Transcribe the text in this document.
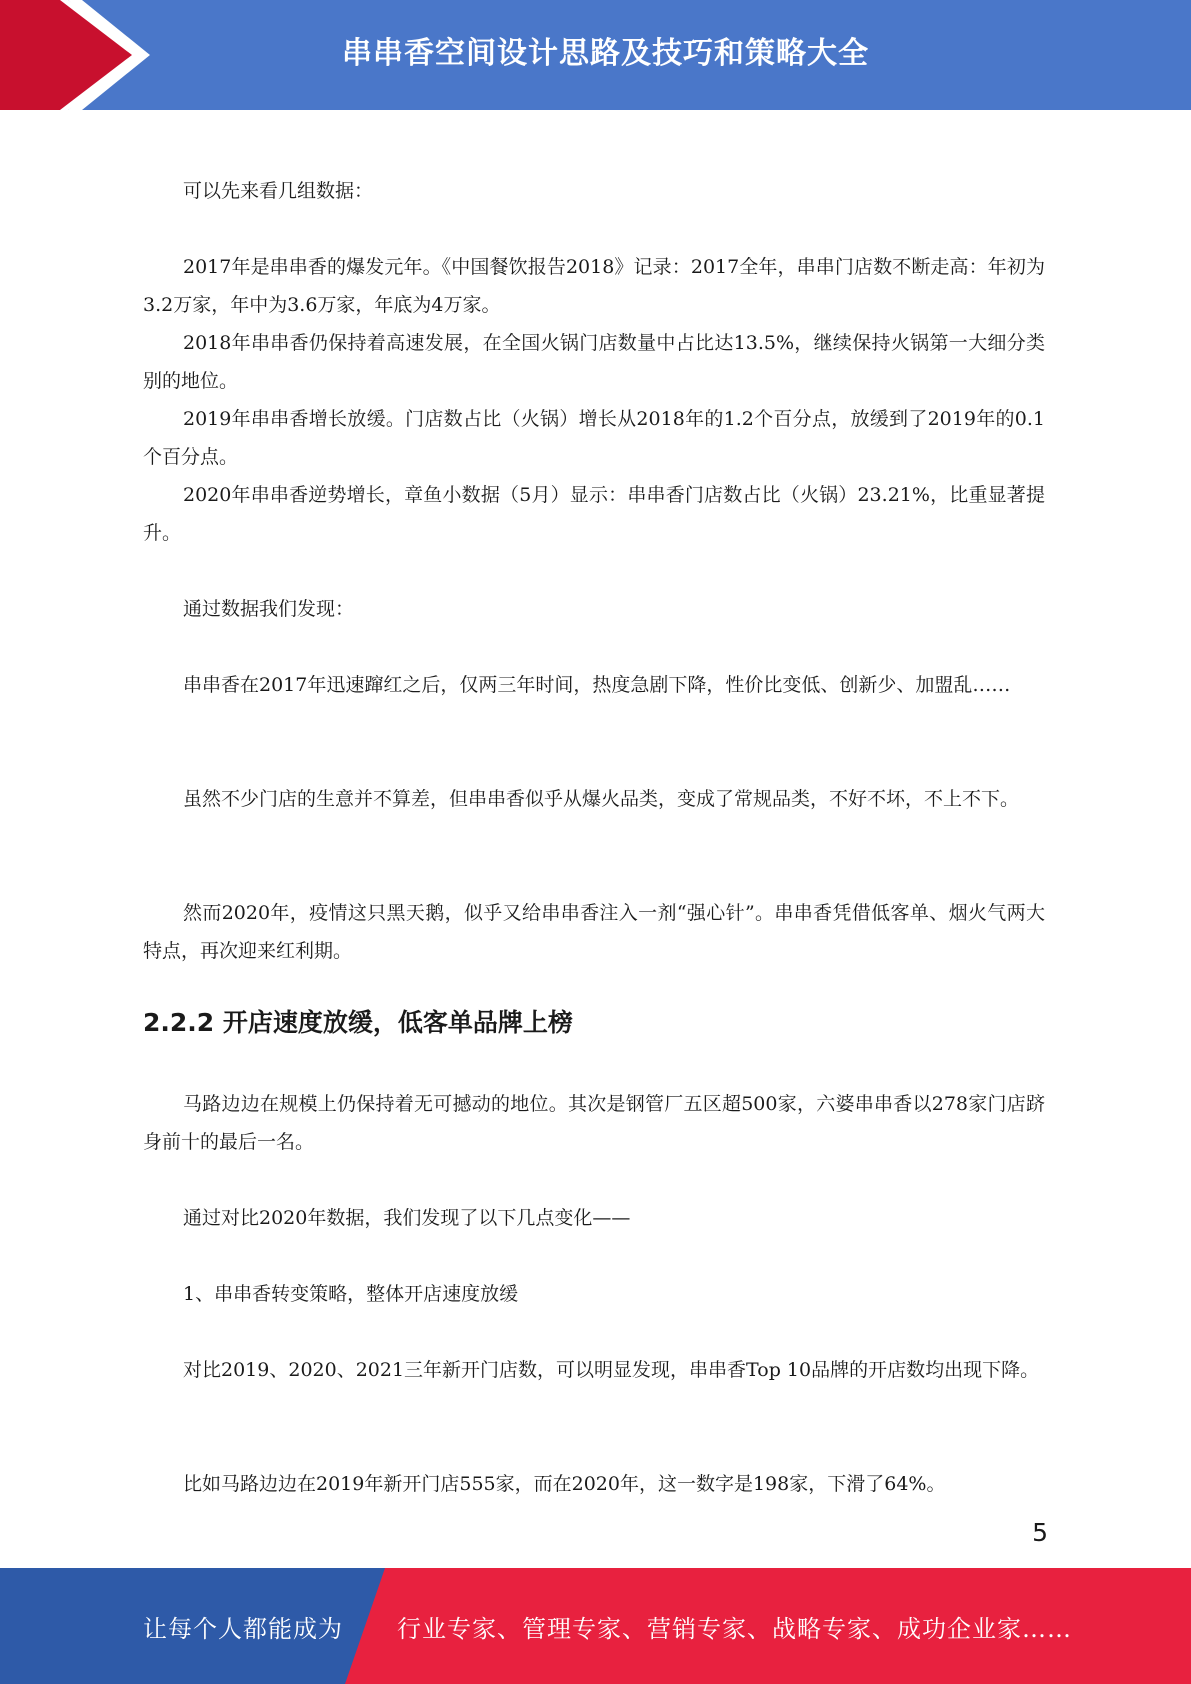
串串香空间设计思路及技巧和策略大全

可以先来看几组数据：

2017年是串串香的爆发元年。《中国餐饮报告2018》记录：2017全年，串串门店数不断走高：年初为3.2万家，年中为3.6万家，年底为4万家。

2018年串串香仍保持着高速发展，在全国火锅门店数量中占比达13.5%，继续保持火锅第一大细分类别的地位。

2019年串串香增长放缓。门店数占比（火锅）增长从2018年的1.2个百分点，放缓到了2019年的0.1个百分点。

2020年串串香逆势增长，章鱼小数据（5月）显示：串串香门店数占比（火锅）23.21%，比重显著提升。

通过数据我们发现：

串串香在2017年迅速蹿红之后，仅两三年时间，热度急剧下降，性价比变低、创新少、加盟乱……

虽然不少门店的生意并不算差，但串串香似乎从爆火品类，变成了常规品类，不好不坏，不上不下。

然而2020年，疫情这只黑天鹅，似乎又给串串香注入一剂“强心针”。串串香凭借低客单、烟火气两大特点，再次迎来红利期。

2.2.2 开店速度放缓，低客单品牌上榜

马路边边在规模上仍保持着无可撼动的地位。其次是钢管厂五区超500家，六婆串串香以278家门店跻身前十的最后一名。

通过对比2020年数据，我们发现了以下几点变化——

1、串串香转变策略，整体开店速度放缓

对比2019、2020、2021三年新开门店数，可以明显发现，串串香Top 10品牌的开店数均出现下降。

比如马路边边在2019年新开门店555家，而在2020年，这一数字是198家，下滑了64%。

5
让每个人都能成为 行业专家、管理专家、营销专家、战略专家、成功企业家……
